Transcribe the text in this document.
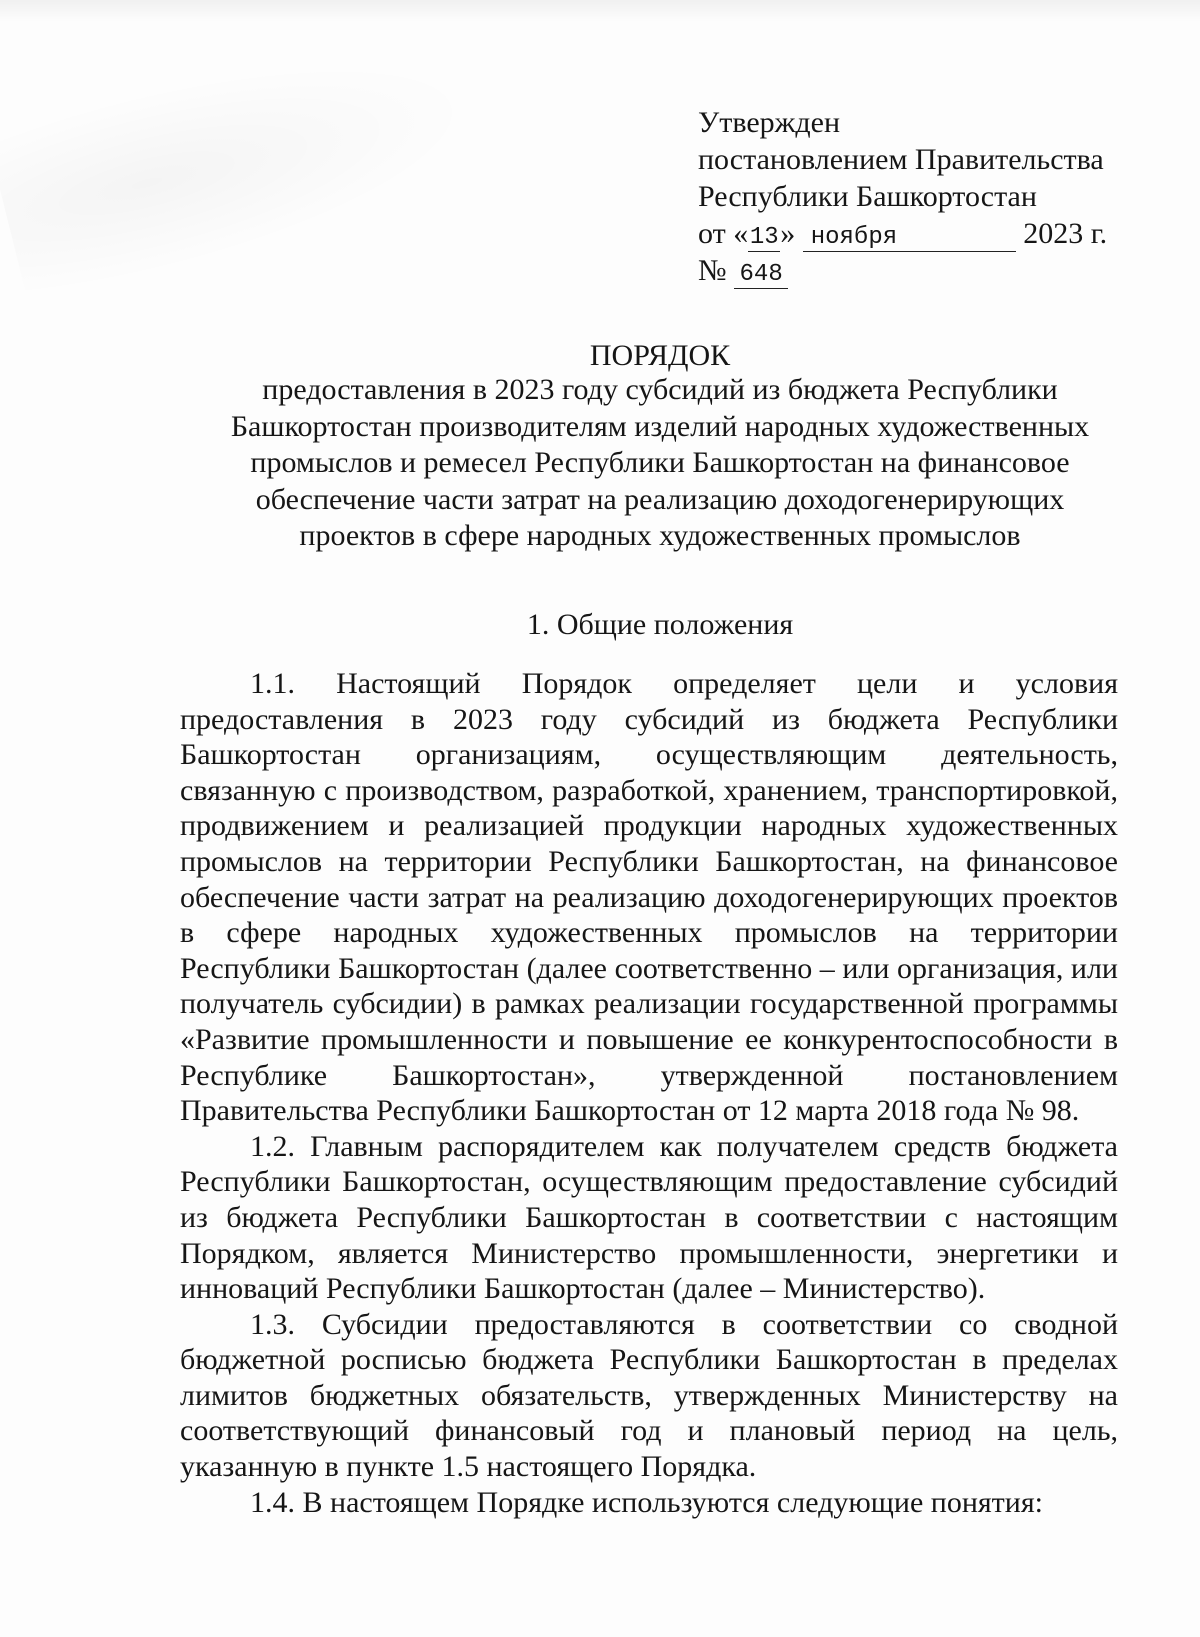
Утвержден
постановлением Правительства
Республики Башкортостан
от «13» ноября	2023 г.
№ 648
ПОРЯДОК
предоставления в 2023 году субсидий из бюджета Республики Башкортостан производителям изделий народных художественных промыслов и ремесел Республики Башкортостан на финансовое обеспечение части затрат на реализацию доходогенерирующих проектов в сфере народных художественных промыслов
1. Общие положения

1.1. Настоящий Порядок определяет цели и условия предоставления в 2023 году субсидий из бюджета Республики Башкортостан организациям, осуществляющим деятельность, связанную с производством, разработкой, хранением, транспортировкой, продвижением и реализацией продукции народных художественных промыслов на территории Республики Башкортостан, на финансовое обеспечение части затрат на реализацию доходогенерирующих проектов в сфере народных художественных промыслов на территории Республики Башкортостан (далее соответственно – или организация, или получатель субсидии) в рамках реализации государственной программы «Развитие промышленности и повышение ее конкурентоспособности в Республике Башкортостан», утвержденной постановлением Правительства Республики Башкортостан от 12 марта 2018 года № 98.

1.2. Главным распорядителем как получателем средств бюджета Республики Башкортостан, осуществляющим предоставление субсидий из бюджета Республики Башкортостан в соответствии с настоящим Порядком, является Министерство промышленности, энергетики и инноваций Республики Башкортостан (далее – Министерство).

1.3. Субсидии предоставляются в соответствии со сводной бюджетной росписью бюджета Республики Башкортостан в пределах лимитов бюджетных обязательств, утвержденных Министерству на соответствующий финансовый год и плановый период на цель, указанную в пункте 1.5 настоящего Порядка.

1.4. В настоящем Порядке используются следующие понятия:
